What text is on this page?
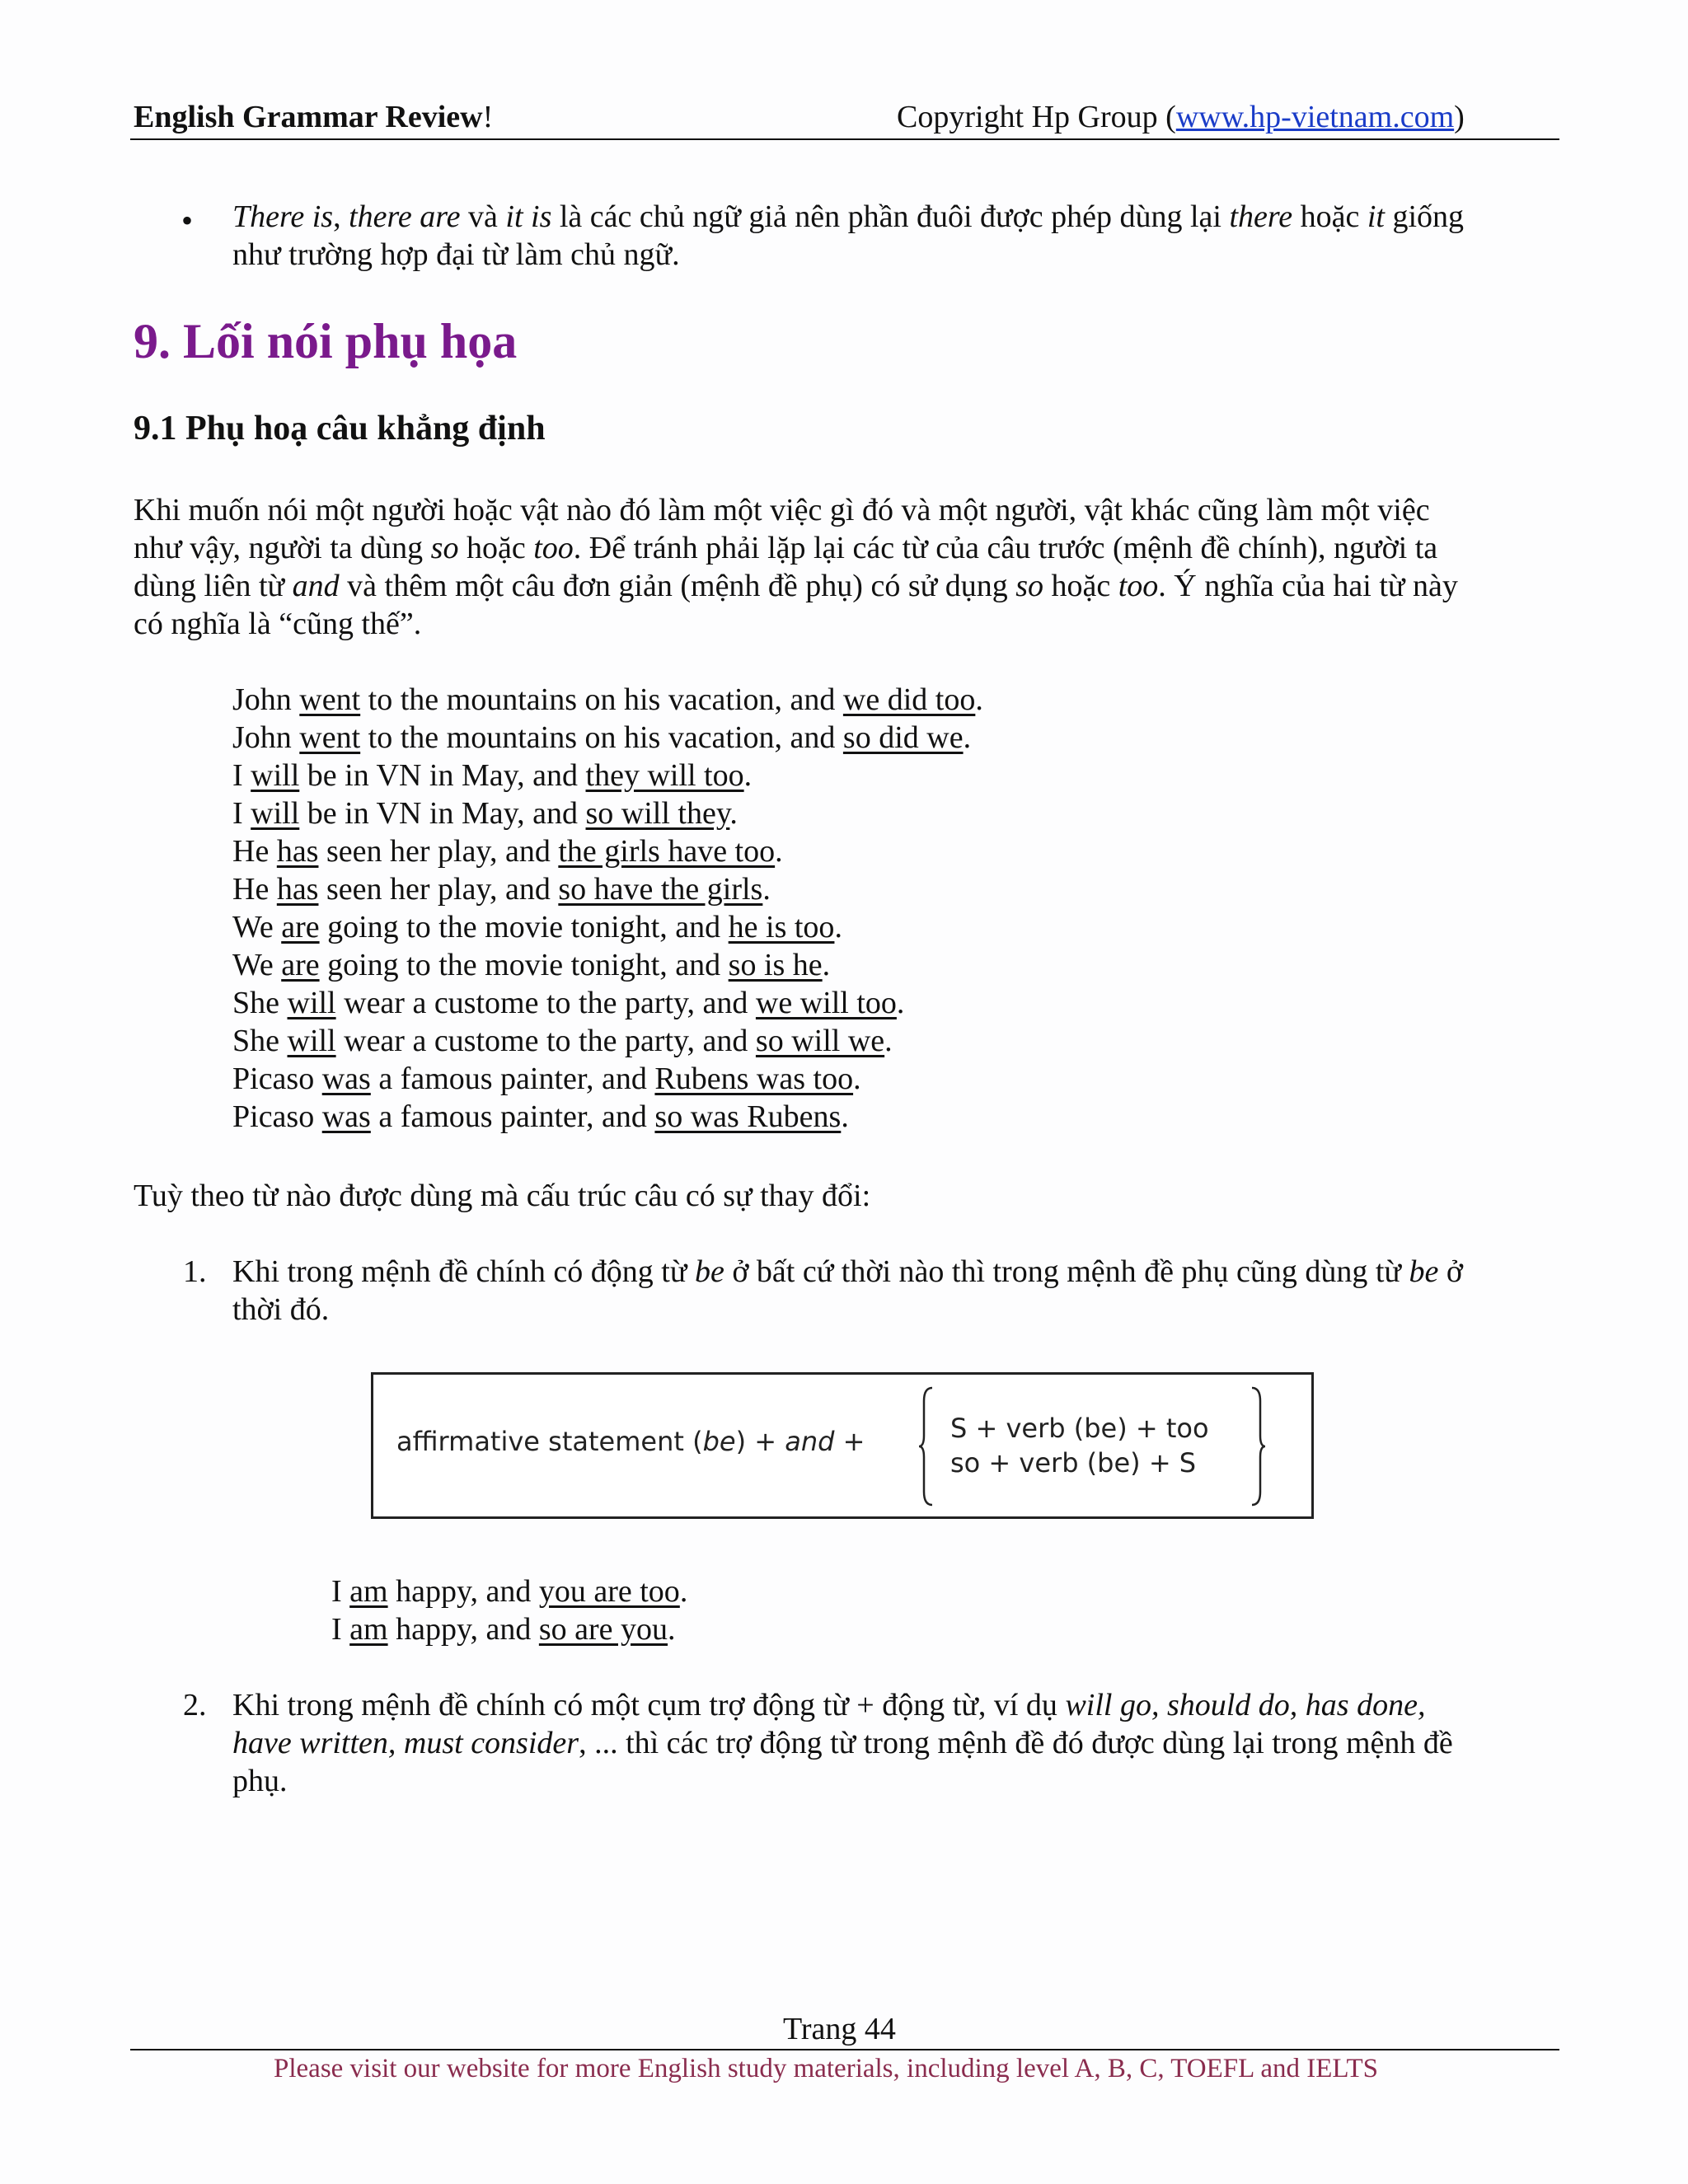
English Grammar Review!	Copyright Hp Group (www.hp-vietnam.com)
• There is, there are và it is là các chủ ngữ giả nên phần đuôi được phép dùng lại there hoặc it giống
như trường hợp đại từ làm chủ ngữ.
9. Lối nói phụ họa
9.1 Phụ hoạ câu khẳng định
Khi muốn nói một người hoặc vật nào đó làm một việc gì đó và một người, vật khác cũng làm một việc
như vậy, người ta dùng so hoặc too. Để tránh phải lặp lại các từ của câu trước (mệnh đề chính), người ta
dùng liên từ and và thêm một câu đơn giản (mệnh đề phụ) có sử dụng so hoặc too. Ý nghĩa của hai từ này
có nghĩa là “cũng thế”.
John went to the mountains on his vacation, and we did too.
John went to the mountains on his vacation, and so did we.
I will be in VN in May, and they will too.
I will be in VN in May, and so will they.
He has seen her play, and the girls have too.
He has seen her play, and so have the girls.
We are going to the movie tonight, and he is too.
We are going to the movie tonight, and so is he.
She will wear a custome to the party, and we will too.
She will wear a custome to the party, and so will we.
Picaso was a famous painter, and Rubens was too.
Picaso was a famous painter, and so was Rubens.
Tuỳ theo từ nào được dùng mà cấu trúc câu có sự thay đổi:
1. Khi trong mệnh đề chính có động từ be ở bất cứ thời nào thì trong mệnh đề phụ cũng dùng từ be ở
thời đó.
affirmative statement (be) + and +	S + verb (be) + too
so + verb (be) + S
I am happy, and you are too.
I am happy, and so are you.
2. Khi trong mệnh đề chính có một cụm trợ động từ + động từ, ví dụ will go, should do, has done,
have written, must consider, ... thì các trợ động từ trong mệnh đề đó được dùng lại trong mệnh đề
phụ.
Trang 44
Please visit our website for more English study materials, including level A, B, C, TOEFL and IELTS
